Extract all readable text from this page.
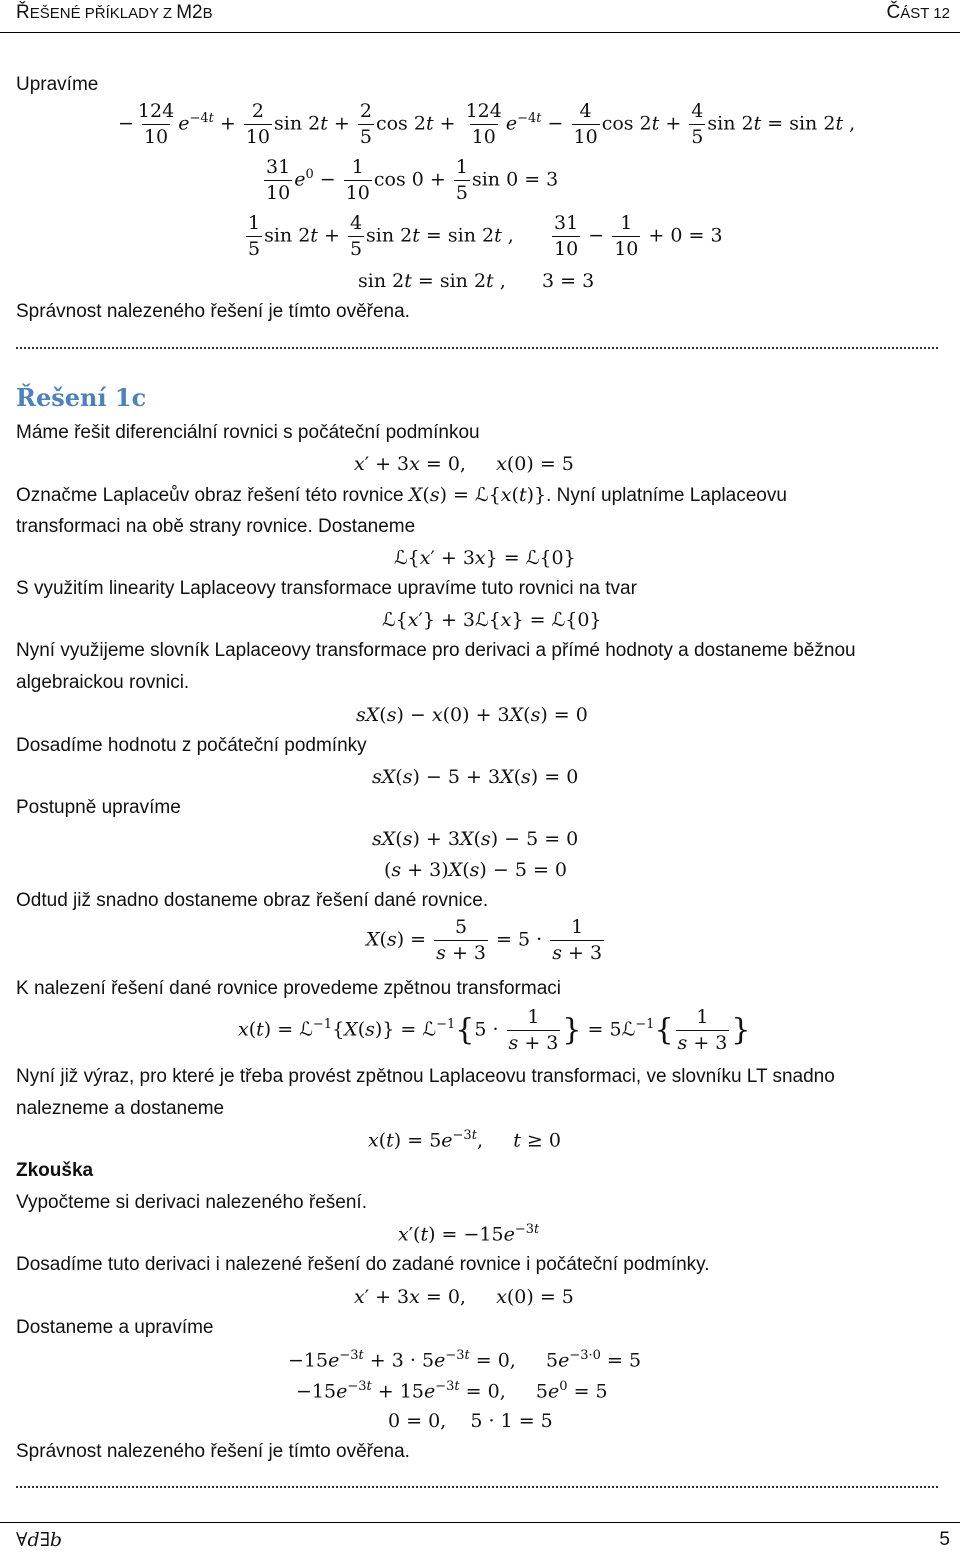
ŘEŠENÉ PŘÍKLADY Z M2B	ČÁST 12
Upravíme
− $\frac{124}{10} e^{-4t} + \frac{2}{10}$ $\sin 2t + \frac{2}{5}$ $\cos 2t + \frac{124}{10} e^{-4t} - \frac{4}{10}$ $\cos 2t + \frac{4}{5}$ sin 2t = sin 2t ,
$\frac{31}{10} e^0 - \frac{1}{10}$ $\cos 0 + \frac{1}{5}$ sin 0 = 3
$\frac{1}{5}$ $\sin 2t + \frac{4}{5}$ sin 2t = sin 2t , $\frac{31}{10} - \frac{1}{10} + 0 = 3$
sin 2t = sin 2t ,      3 = 3
Správnost nalezeného řešení je tímto ověřena.
Řešení 1c
Máme řešit diferenciální rovnici s počáteční podmínkou
x′ + 3x = 0,     x(0) = 5
Označme Laplaceův obraz řešení této rovnice X(s) = ℒ{x(t)}. Nyní uplatníme Laplaceovu
transformaci na obě strany rovnice. Dostaneme
ℒ{x′ + 3x} = ℒ{0}
S využitím linearity Laplaceovy transformace upravíme tuto rovnici na tvar
ℒ{x′} + 3ℒ{x} = ℒ{0}
Nyní využijeme slovník Laplaceovy transformace pro derivaci a přímé hodnoty a dostaneme běžnou
algebraickou rovnici.
sX(s) − x(0) + 3X(s) = 0
Dosadíme hodnotu z počáteční podmínky
sX(s) − 5 + 3X(s) = 0
Postupně upravíme
sX(s) + 3X(s) − 5 = 0
(s + 3)X(s) − 5 = 0
Odtud již snadno dostaneme obraz řešení dané rovnice.
$X(s) = \frac{5}{s + 3} = 5 \cdot \frac{1}{s + 3}$
K nalezení řešení dané rovnice provedeme zpětnou transformaci
x(t) = ℒ$^{-1}${X(s)} = ℒ$^{-1}${5 · $\frac{1}{s + 3}$ } = 5ℒ$^{-1}${ $\frac{1}{s + 3}$ }
Nyní již výraz, pro které je třeba provést zpětnou Laplaceovu transformaci, ve slovníku LT snadno
nalezneme a dostaneme
$x(t) = 5e^{-3t}$,     t ≥ 0
Zkouška
Vypočteme si derivaci nalezeného řešení.
$x'(t) = -15e^{-3t}$
Dosadíme tuto derivaci i nalezené řešení do zadané rovnice i počáteční podmínky.
x′ + 3x = 0,     x(0) = 5
Dostaneme a upravíme
$-15e^{-3t} + 3 \cdot 5e^{-3t} = 0$,     $5e^{-3\cdot 0} = 5$
$-15e^{-3t} + 15e^{-3t} = 0$,     $5e^0 = 5$
0 = 0,    5 · 1 = 5
Správnost nalezeného řešení je tímto ověřena.
∀d∃b	5
